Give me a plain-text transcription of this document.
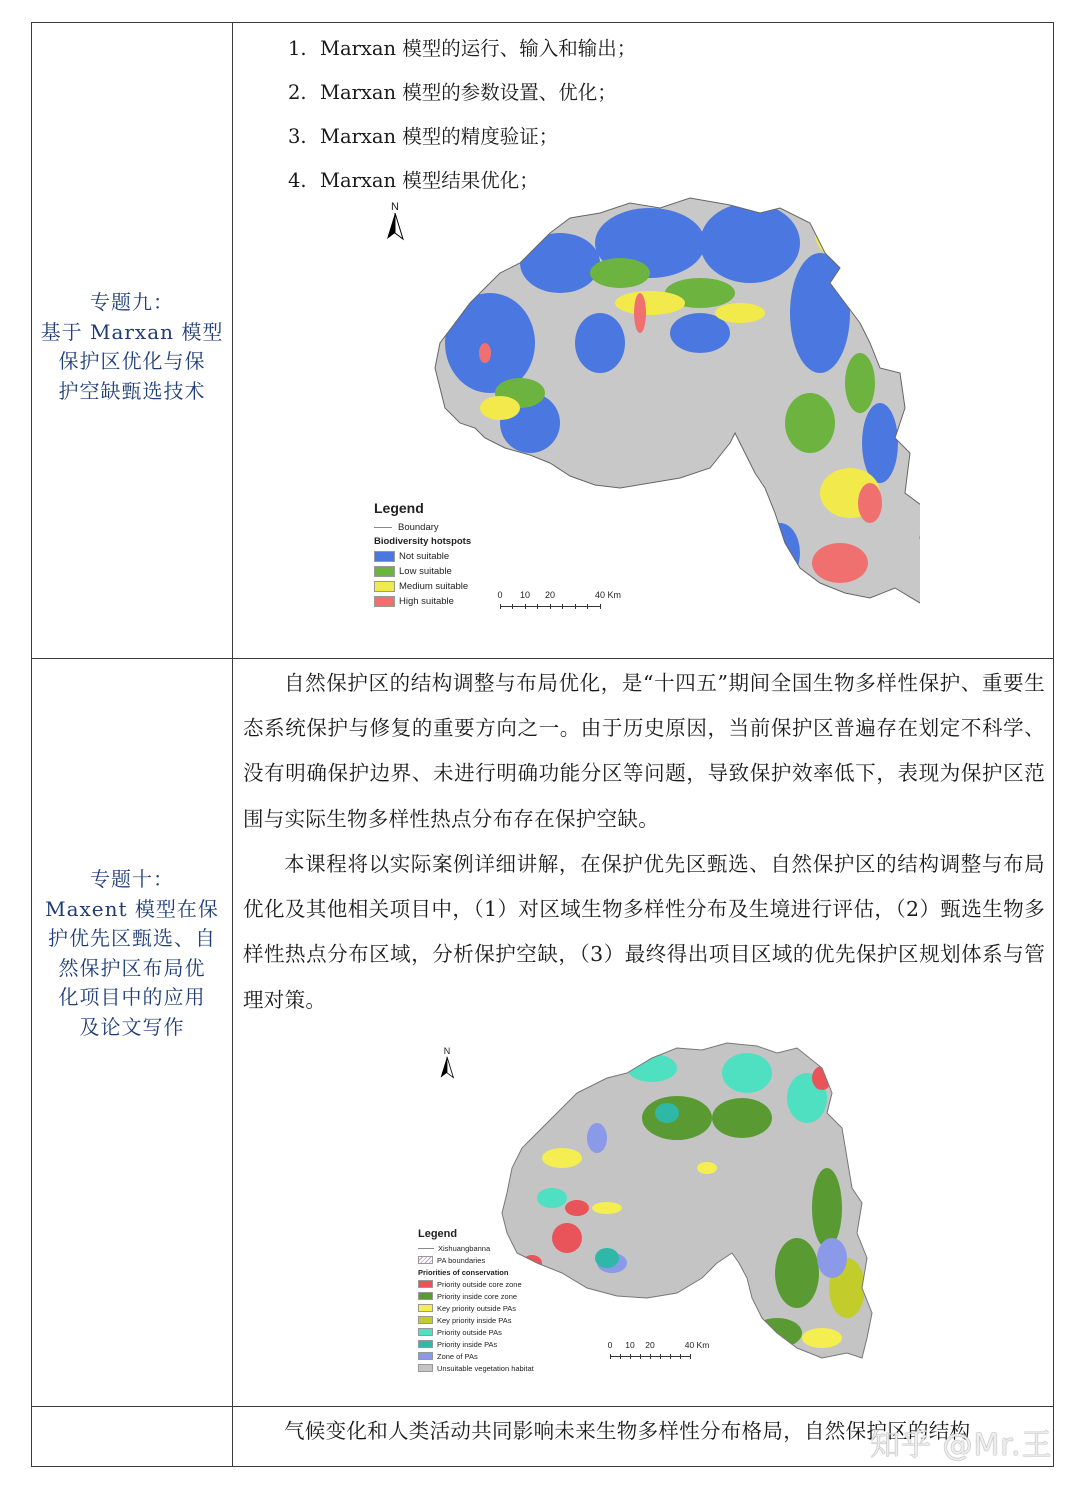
专题九：
基于 Marxan 模型
保护区优化与保
护空缺甄选技术
1. Marxan 模型的运行、输入和输出；
2. Marxan 模型的参数设置、优化；
3. Marxan 模型的精度验证；
4. Marxan 模型结果优化；
N
Legend
Boundary
Biodiversity hotspots
Not suitable
Low suitable
Medium suitable
High suitable
0 10 20	40 Km
专题十：
Maxent 模型在保
护优先区甄选、自
然保护区布局优
化项目中的应用
及论文写作
自然保护区的结构调整与布局优化，是“十四五”期间全国生物多样性保护、重要生态系统保护与修复的重要方向之一。由于历史原因，当前保护区普遍存在划定不科学、没有明确保护边界、未进行明确功能分区等问题，导致保护效率低下，表现为保护区范围与实际生物多样性热点分布存在保护空缺。
本课程将以实际案例详细讲解，在保护优先区甄选、自然保护区的结构调整与布局优化及其他相关项目中，（1）对区域生物多样性分布及生境进行评估，（2）甄选生物多样性热点分布区域，分析保护空缺，（3）最终得出项目区域的优先保护区规划体系与管理对策。
N
Legend
Xishuangbanna
PA boundaries
Priorities of conservation
Priority outside core zone
Priority inside core zone
Key priority outside PAs
Key priority inside PAs
Priority outside PAs
Priority inside PAs
Zone of PAs
Unsuitable vegetation habitat
0 10 20	40 Km
气候变化和人类活动共同影响未来生物多样性分布格局，自然保护区的结构
知乎 @Mr.王
